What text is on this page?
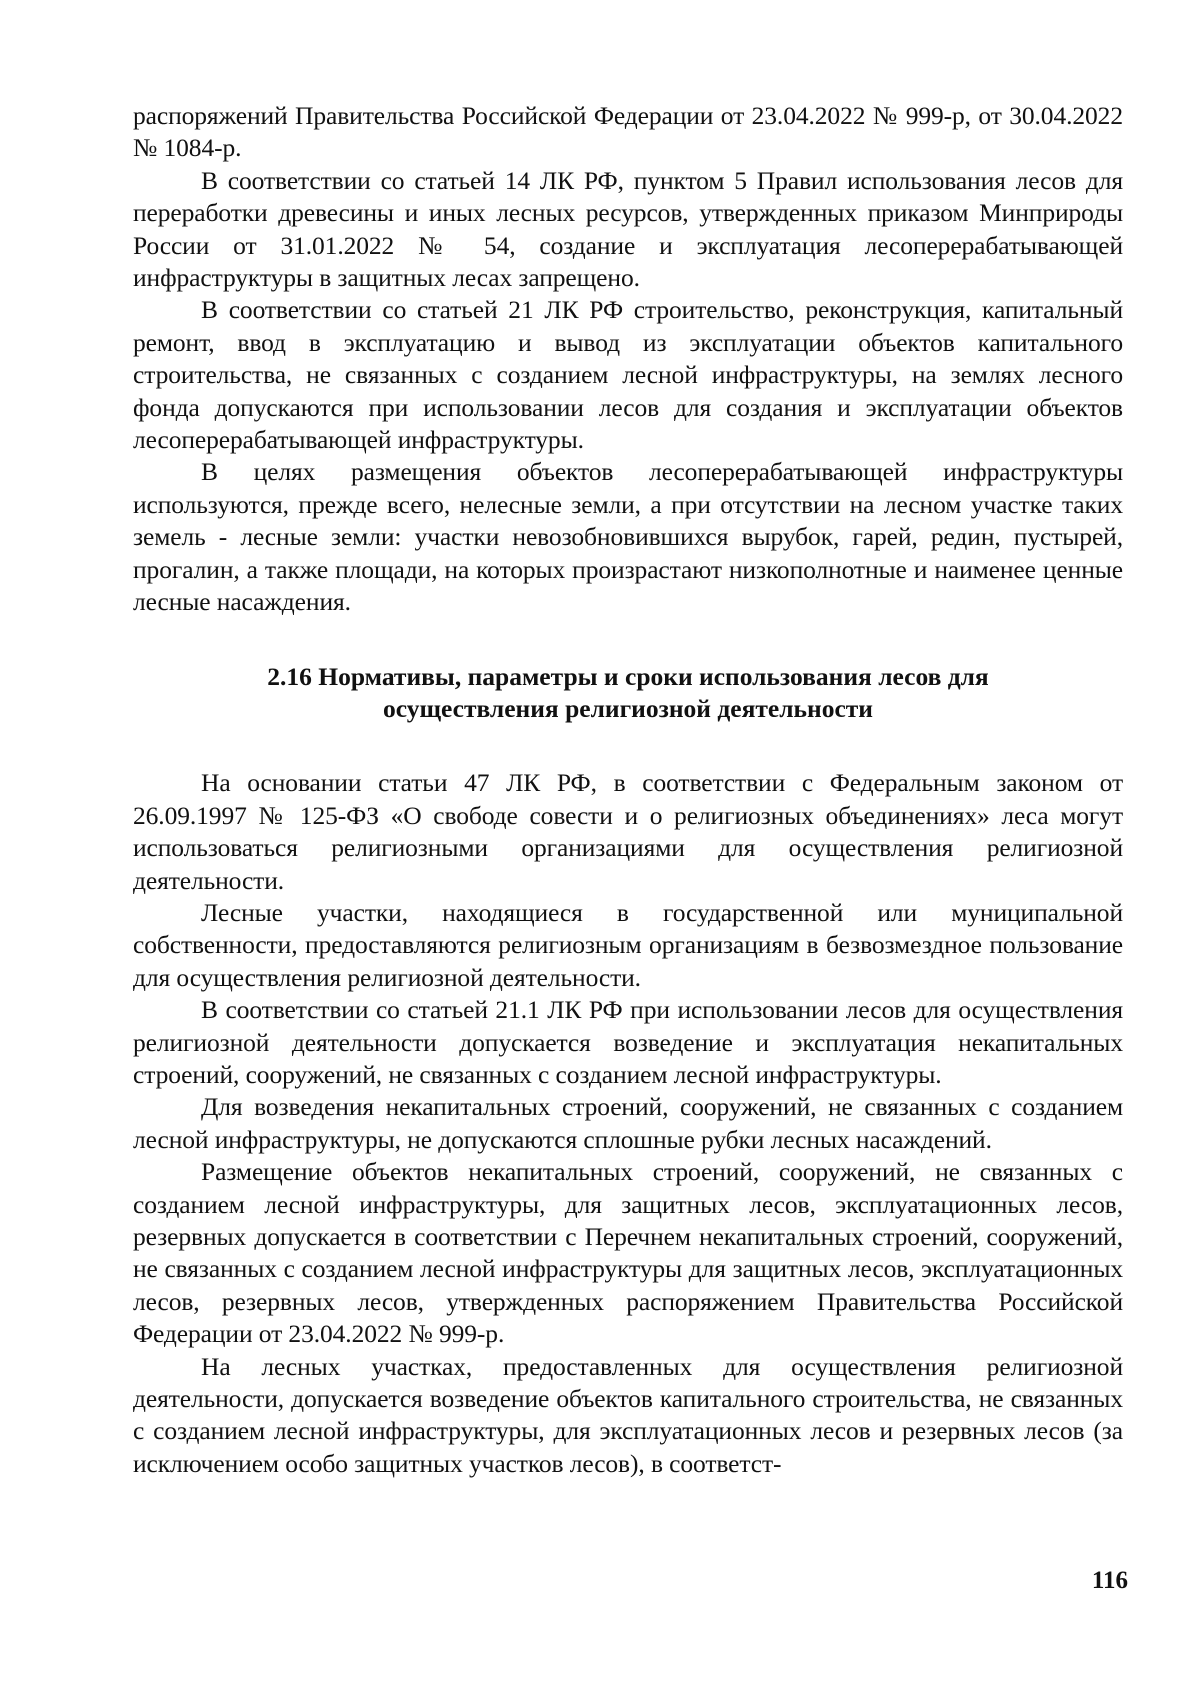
распоряжений Правительства Российской Федерации от 23.04.2022 № 999-р, от 30.04.2022 № 1084-р.

В соответствии со статьей 14 ЛК РФ, пунктом 5 Правил использования лесов для переработки древесины и иных лесных ресурсов, утвержденных приказом Минприроды России от 31.01.2022 № 54, создание и эксплуатация лесоперерабатывающей инфраструктуры в защитных лесах запрещено.

В соответствии со статьей 21 ЛК РФ строительство, реконструкция, капитальный ремонт, ввод в эксплуатацию и вывод из эксплуатации объектов капитального строительства, не связанных с созданием лесной инфраструктуры, на землях лесного фонда допускаются при использовании лесов для создания и эксплуатации объектов лесоперерабатывающей инфраструктуры.

В целях размещения объектов лесоперерабатывающей инфраструктуры используются, прежде всего, нелесные земли, а при отсутствии на лесном участке таких земель - лесные земли: участки невозобновившихся вырубок, гарей, редин, пустырей, прогалин, а также площади, на которых произрастают низкополнотные и наименее ценные лесные насаждения.

2.16 Нормативы, параметры и сроки использования лесов для
осуществления религиозной деятельности

На основании статьи 47 ЛК РФ, в соответствии с Федеральным законом от 26.09.1997 № 125-ФЗ «О свободе совести и о религиозных объединениях» леса могут использоваться религиозными организациями для осуществления религиозной деятельности.

Лесные участки, находящиеся в государственной или муниципальной собственности, предоставляются религиозным организациям в безвозмездное пользование для осуществления религиозной деятельности.

В соответствии со статьей 21.1 ЛК РФ при использовании лесов для осуществления религиозной деятельности допускается возведение и эксплуатация некапитальных строений, сооружений, не связанных с созданием лесной инфраструктуры.

Для возведения некапитальных строений, сооружений, не связанных с созданием лесной инфраструктуры, не допускаются сплошные рубки лесных насаждений.

Размещение объектов некапитальных строений, сооружений, не связанных с созданием лесной инфраструктуры, для защитных лесов, эксплуатационных лесов, резервных допускается в соответствии с Перечнем некапитальных строений, сооружений, не связанных с созданием лесной инфраструктуры для защитных лесов, эксплуатационных лесов, резервных лесов, утвержденных распоряжением Правительства Российской Федерации от 23.04.2022 № 999-р.

На лесных участках, предоставленных для осуществления религиозной деятельности, допускается возведение объектов капитального строительства, не связанных с созданием лесной инфраструктуры, для эксплуатационных лесов и резервных лесов (за исключением особо защитных участков лесов), в соответст-

116
